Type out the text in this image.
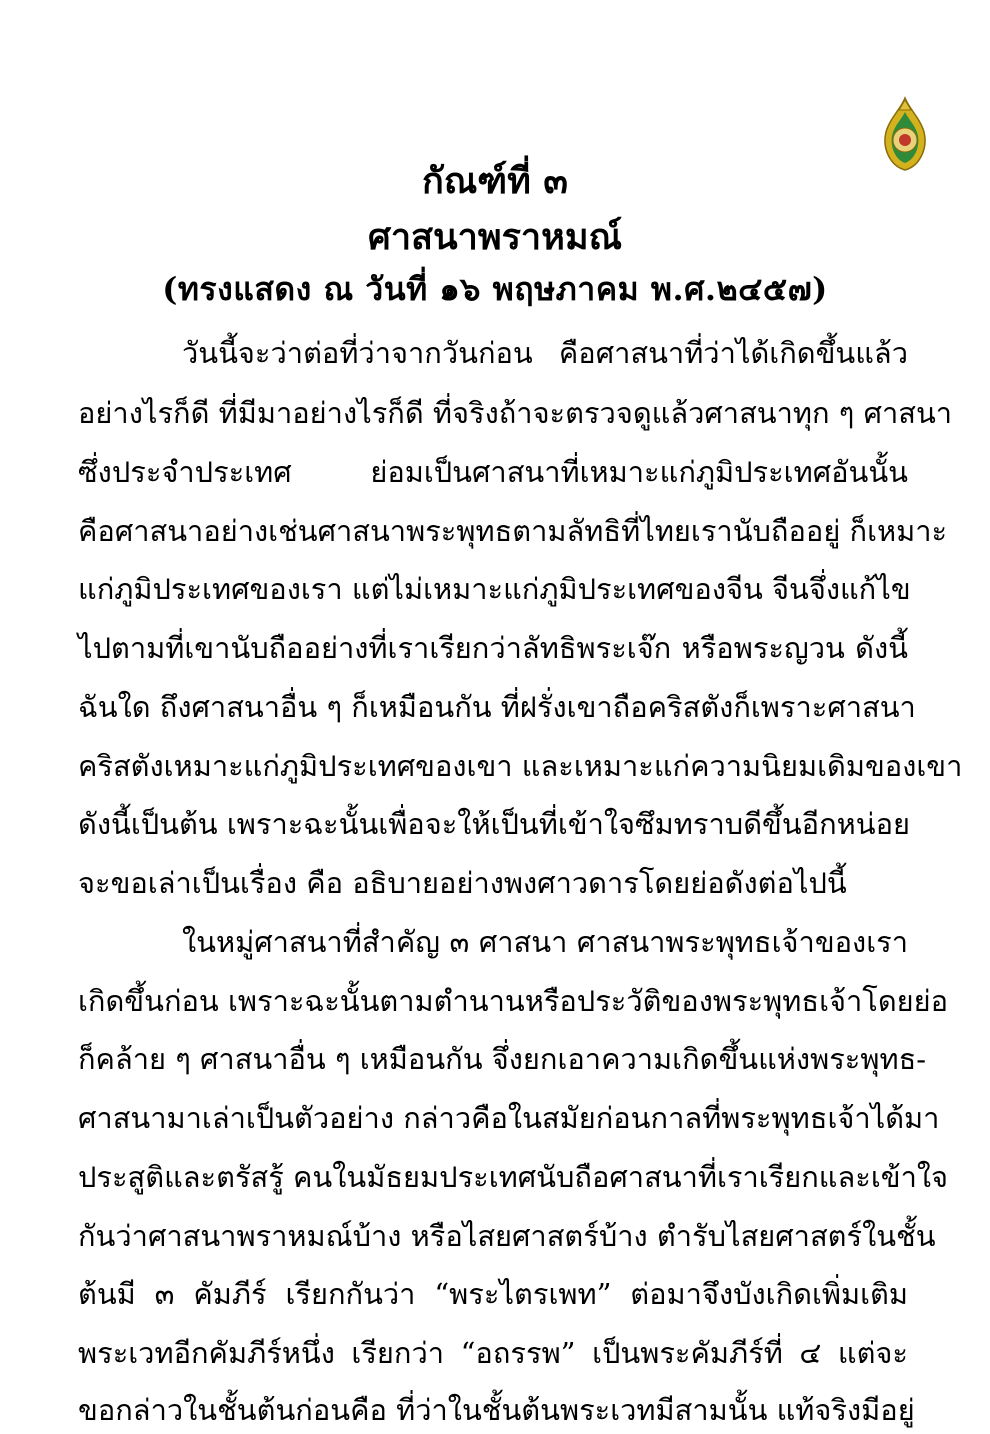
กัณฑ์ที่ ๓
ศาสนาพราหมณ์
(ทรงแสดง ณ วันที่ ๑๖ พฤษภาคม พ.ศ.๒๔๕๗)
วันนี้จะว่าต่อที่ว่าจากวันก่อน คือศาสนาที่ว่าได้เกิดขึ้นแล้ว
อย่างไรก็ดี ที่มีมาอย่างไรก็ดี ที่จริงถ้าจะตรวจดูแล้วศาสนาทุก ๆ ศาสนา
ซึ่งประจำประเทศ ย่อมเป็นศาสนาที่เหมาะแก่ภูมิประเทศอันนั้น
คือศาสนาอย่างเช่นศาสนาพระพุทธตามลัทธิที่ไทยเรานับถืออยู่ ก็เหมาะ
แก่ภูมิประเทศของเรา แต่ไม่เหมาะแก่ภูมิประเทศของจีน จีนจึ่งแก้ไข
ไปตามที่เขานับถืออย่างที่เราเรียกว่าลัทธิพระเจ๊ก หรือพระญวน ดังนี้
ฉันใด ถึงศาสนาอื่น ๆ ก็เหมือนกัน ที่ฝรั่งเขาถือคริสตังก็เพราะศาสนา
คริสตังเหมาะแก่ภูมิประเทศของเขา และเหมาะแก่ความนิยมเดิมของเขา
ดังนี้เป็นต้น เพราะฉะนั้นเพื่อจะให้เป็นที่เข้าใจซึมทราบดีขึ้นอีกหน่อย
จะขอเล่าเป็นเรื่อง คือ อธิบายอย่างพงศาวดารโดยย่อดังต่อไปนี้
ในหมู่ศาสนาที่สำคัญ ๓ ศาสนา ศาสนาพระพุทธเจ้าของเรา
เกิดขึ้นก่อน เพราะฉะนั้นตามตำนานหรือประวัติของพระพุทธเจ้าโดยย่อ
ก็คล้าย ๆ ศาสนาอื่น ๆ เหมือนกัน จึ่งยกเอาความเกิดขึ้นแห่งพระพุทธ-
ศาสนามาเล่าเป็นตัวอย่าง กล่าวคือในสมัยก่อนกาลที่พระพุทธเจ้าได้มา
ประสูติและตรัสรู้ คนในมัธยมประเทศนับถือศาสนาที่เราเรียกและเข้าใจ
กันว่าศาสนาพราหมณ์บ้าง หรือไสยศาสตร์บ้าง ตำรับไสยศาสตร์ในชั้น
ต้นมี ๓ คัมภีร์ เรียกกันว่า “พระไตรเพท” ต่อมาจึงบังเกิดเพิ่มเติม
พระเวทอีกคัมภีร์หนึ่ง เรียกว่า “อถรรพ” เป็นพระคัมภีร์ที่ ๔ แต่จะ
ขอกล่าวในชั้นต้นก่อนคือ ที่ว่าในชั้นต้นพระเวทมีสามนั้น แท้จริงมีอยู่
